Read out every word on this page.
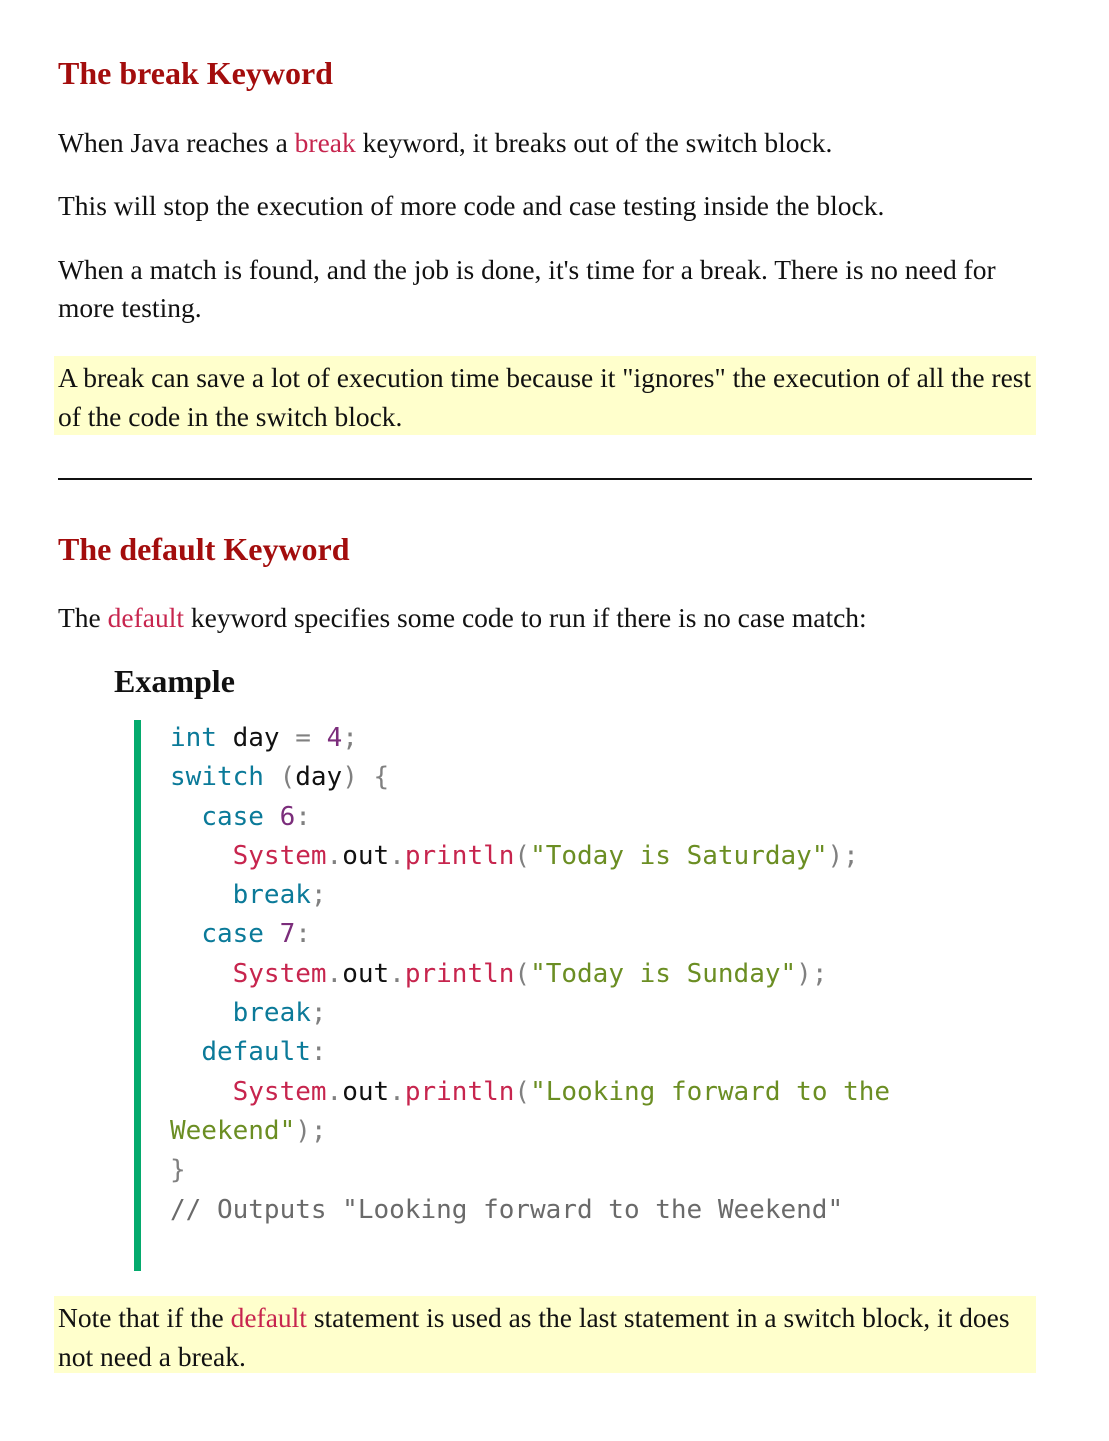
The break Keyword

When Java reaches a break keyword, it breaks out of the switch block.

This will stop the execution of more code and case testing inside the block.

When a match is found, and the job is done, it's time for a break. There is no need for more testing.

A break can save a lot of execution time because it "ignores" the execution of all the rest of the code in the switch block.
The default Keyword

The default keyword specifies some code to run if there is no case match:

Example
int day = 4;
switch (day) {
case 6:
System.out.println("Today is Saturday");
break;
case 7:
System.out.println("Today is Sunday");
break;
default:
System.out.println("Looking forward to the
Weekend");
}
// Outputs "Looking forward to the Weekend"
Note that if the default statement is used as the last statement in a switch block, it does not need a break.
